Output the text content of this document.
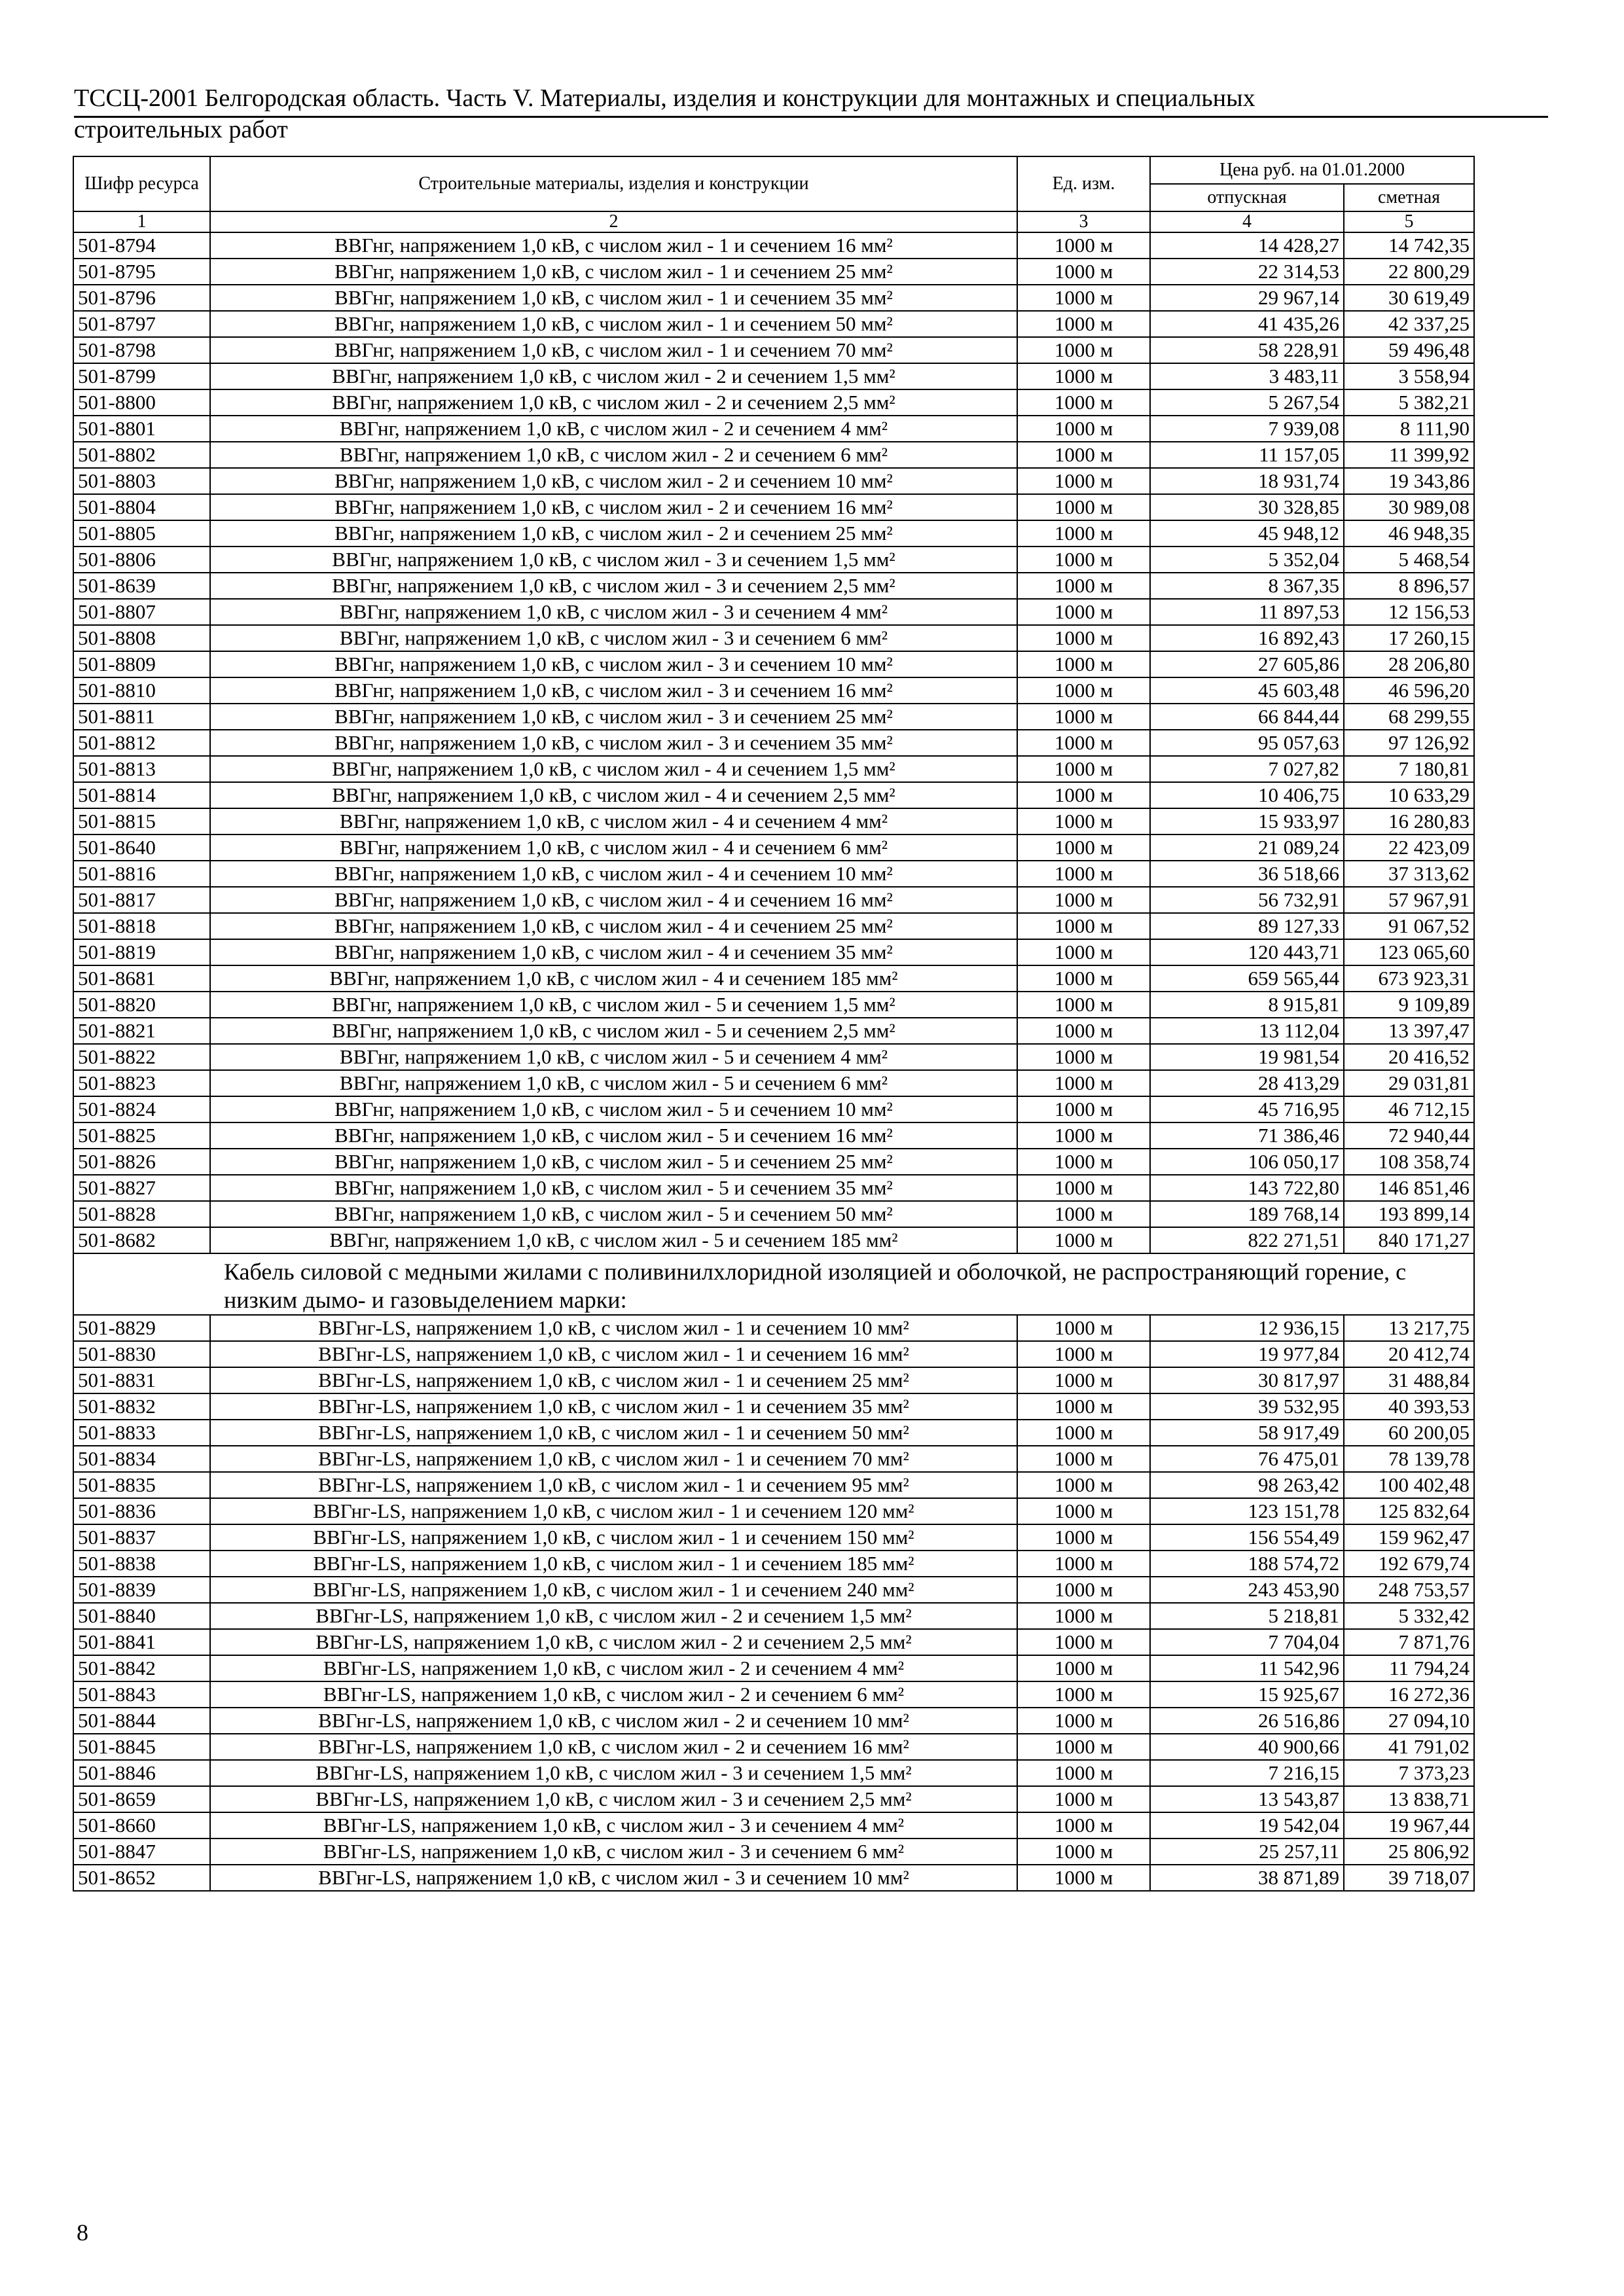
ТССЦ-2001 Белгородская область. Часть V. Материалы, изделия и конструкции для монтажных и специальных строительных работ
Шифр ресурса	Строительные материалы, изделия и конструкции	Ед. изм.	Цена руб. на 01.01.2000	
			отпускная	сметная
1	2	3	4	5
501-8794	ВВГнг, напряжением 1,0 кВ, с числом жил - 1 и сечением 16 мм²	1000 м	14 428,27	14 742,35
501-8795	ВВГнг, напряжением 1,0 кВ, с числом жил - 1 и сечением 25 мм²	1000 м	22 314,53	22 800,29
501-8796	ВВГнг, напряжением 1,0 кВ, с числом жил - 1 и сечением 35 мм²	1000 м	29 967,14	30 619,49
501-8797	ВВГнг, напряжением 1,0 кВ, с числом жил - 1 и сечением 50 мм²	1000 м	41 435,26	42 337,25
501-8798	ВВГнг, напряжением 1,0 кВ, с числом жил - 1 и сечением 70 мм²	1000 м	58 228,91	59 496,48
501-8799	ВВГнг, напряжением 1,0 кВ, с числом жил - 2 и сечением 1,5 мм²	1000 м	3 483,11	3 558,94
501-8800	ВВГнг, напряжением 1,0 кВ, с числом жил - 2 и сечением 2,5 мм²	1000 м	5 267,54	5 382,21
501-8801	ВВГнг, напряжением 1,0 кВ, с числом жил - 2 и сечением 4 мм²	1000 м	7 939,08	8 111,90
501-8802	ВВГнг, напряжением 1,0 кВ, с числом жил - 2 и сечением 6 мм²	1000 м	11 157,05	11 399,92
501-8803	ВВГнг, напряжением 1,0 кВ, с числом жил - 2 и сечением 10 мм²	1000 м	18 931,74	19 343,86
501-8804	ВВГнг, напряжением 1,0 кВ, с числом жил - 2 и сечением 16 мм²	1000 м	30 328,85	30 989,08
501-8805	ВВГнг, напряжением 1,0 кВ, с числом жил - 2 и сечением 25 мм²	1000 м	45 948,12	46 948,35
501-8806	ВВГнг, напряжением 1,0 кВ, с числом жил - 3 и сечением 1,5 мм²	1000 м	5 352,04	5 468,54
501-8639	ВВГнг, напряжением 1,0 кВ, с числом жил - 3 и сечением 2,5 мм²	1000 м	8 367,35	8 896,57
501-8807	ВВГнг, напряжением 1,0 кВ, с числом жил - 3 и сечением 4 мм²	1000 м	11 897,53	12 156,53
501-8808	ВВГнг, напряжением 1,0 кВ, с числом жил - 3 и сечением 6 мм²	1000 м	16 892,43	17 260,15
501-8809	ВВГнг, напряжением 1,0 кВ, с числом жил - 3 и сечением 10 мм²	1000 м	27 605,86	28 206,80
501-8810	ВВГнг, напряжением 1,0 кВ, с числом жил - 3 и сечением 16 мм²	1000 м	45 603,48	46 596,20
501-8811	ВВГнг, напряжением 1,0 кВ, с числом жил - 3 и сечением 25 мм²	1000 м	66 844,44	68 299,55
501-8812	ВВГнг, напряжением 1,0 кВ, с числом жил - 3 и сечением 35 мм²	1000 м	95 057,63	97 126,92
501-8813	ВВГнг, напряжением 1,0 кВ, с числом жил - 4 и сечением 1,5 мм²	1000 м	7 027,82	7 180,81
501-8814	ВВГнг, напряжением 1,0 кВ, с числом жил - 4 и сечением 2,5 мм²	1000 м	10 406,75	10 633,29
501-8815	ВВГнг, напряжением 1,0 кВ, с числом жил - 4 и сечением 4 мм²	1000 м	15 933,97	16 280,83
501-8640	ВВГнг, напряжением 1,0 кВ, с числом жил - 4 и сечением 6 мм²	1000 м	21 089,24	22 423,09
501-8816	ВВГнг, напряжением 1,0 кВ, с числом жил - 4 и сечением 10 мм²	1000 м	36 518,66	37 313,62
501-8817	ВВГнг, напряжением 1,0 кВ, с числом жил - 4 и сечением 16 мм²	1000 м	56 732,91	57 967,91
501-8818	ВВГнг, напряжением 1,0 кВ, с числом жил - 4 и сечением 25 мм²	1000 м	89 127,33	91 067,52
501-8819	ВВГнг, напряжением 1,0 кВ, с числом жил - 4 и сечением 35 мм²	1000 м	120 443,71	123 065,60
501-8681	ВВГнг, напряжением 1,0 кВ, с числом жил - 4 и сечением 185 мм²	1000 м	659 565,44	673 923,31
501-8820	ВВГнг, напряжением 1,0 кВ, с числом жил - 5 и сечением 1,5 мм²	1000 м	8 915,81	9 109,89
501-8821	ВВГнг, напряжением 1,0 кВ, с числом жил - 5 и сечением 2,5 мм²	1000 м	13 112,04	13 397,47
501-8822	ВВГнг, напряжением 1,0 кВ, с числом жил - 5 и сечением 4 мм²	1000 м	19 981,54	20 416,52
501-8823	ВВГнг, напряжением 1,0 кВ, с числом жил - 5 и сечением 6 мм²	1000 м	28 413,29	29 031,81
501-8824	ВВГнг, напряжением 1,0 кВ, с числом жил - 5 и сечением 10 мм²	1000 м	45 716,95	46 712,15
501-8825	ВВГнг, напряжением 1,0 кВ, с числом жил - 5 и сечением 16 мм²	1000 м	71 386,46	72 940,44
501-8826	ВВГнг, напряжением 1,0 кВ, с числом жил - 5 и сечением 25 мм²	1000 м	106 050,17	108 358,74
501-8827	ВВГнг, напряжением 1,0 кВ, с числом жил - 5 и сечением 35 мм²	1000 м	143 722,80	146 851,46
501-8828	ВВГнг, напряжением 1,0 кВ, с числом жил - 5 и сечением 50 мм²	1000 м	189 768,14	193 899,14
501-8682	ВВГнг, напряжением 1,0 кВ, с числом жил - 5 и сечением 185 мм²	1000 м	822 271,51	840 171,27
Кабель силовой с медными жилами с поливинилхлоридной изоляцией и оболочкой, не распространяющий горение, с низким дымо- и газовыделением марки:				
501-8829	ВВГнг-LS, напряжением 1,0 кВ, с числом жил - 1 и сечением 10 мм²	1000 м	12 936,15	13 217,75
501-8830	ВВГнг-LS, напряжением 1,0 кВ, с числом жил - 1 и сечением 16 мм²	1000 м	19 977,84	20 412,74
501-8831	ВВГнг-LS, напряжением 1,0 кВ, с числом жил - 1 и сечением 25 мм²	1000 м	30 817,97	31 488,84
501-8832	ВВГнг-LS, напряжением 1,0 кВ, с числом жил - 1 и сечением 35 мм²	1000 м	39 532,95	40 393,53
501-8833	ВВГнг-LS, напряжением 1,0 кВ, с числом жил - 1 и сечением 50 мм²	1000 м	58 917,49	60 200,05
501-8834	ВВГнг-LS, напряжением 1,0 кВ, с числом жил - 1 и сечением 70 мм²	1000 м	76 475,01	78 139,78
501-8835	ВВГнг-LS, напряжением 1,0 кВ, с числом жил - 1 и сечением 95 мм²	1000 м	98 263,42	100 402,48
501-8836	ВВГнг-LS, напряжением 1,0 кВ, с числом жил - 1 и сечением 120 мм²	1000 м	123 151,78	125 832,64
501-8837	ВВГнг-LS, напряжением 1,0 кВ, с числом жил - 1 и сечением 150 мм²	1000 м	156 554,49	159 962,47
501-8838	ВВГнг-LS, напряжением 1,0 кВ, с числом жил - 1 и сечением 185 мм²	1000 м	188 574,72	192 679,74
501-8839	ВВГнг-LS, напряжением 1,0 кВ, с числом жил - 1 и сечением 240 мм²	1000 м	243 453,90	248 753,57
501-8840	ВВГнг-LS, напряжением 1,0 кВ, с числом жил - 2 и сечением 1,5 мм²	1000 м	5 218,81	5 332,42
501-8841	ВВГнг-LS, напряжением 1,0 кВ, с числом жил - 2 и сечением 2,5 мм²	1000 м	7 704,04	7 871,76
501-8842	ВВГнг-LS, напряжением 1,0 кВ, с числом жил - 2 и сечением 4 мм²	1000 м	11 542,96	11 794,24
501-8843	ВВГнг-LS, напряжением 1,0 кВ, с числом жил - 2 и сечением 6 мм²	1000 м	15 925,67	16 272,36
501-8844	ВВГнг-LS, напряжением 1,0 кВ, с числом жил - 2 и сечением 10 мм²	1000 м	26 516,86	27 094,10
501-8845	ВВГнг-LS, напряжением 1,0 кВ, с числом жил - 2 и сечением 16 мм²	1000 м	40 900,66	41 791,02
501-8846	ВВГнг-LS, напряжением 1,0 кВ, с числом жил - 3 и сечением 1,5 мм²	1000 м	7 216,15	7 373,23
501-8659	ВВГнг-LS, напряжением 1,0 кВ, с числом жил - 3 и сечением 2,5 мм²	1000 м	13 543,87	13 838,71
501-8660	ВВГнг-LS, напряжением 1,0 кВ, с числом жил - 3 и сечением 4 мм²	1000 м	19 542,04	19 967,44
501-8847	ВВГнг-LS, напряжением 1,0 кВ, с числом жил - 3 и сечением 6 мм²	1000 м	25 257,11	25 806,92
501-8652	ВВГнг-LS, напряжением 1,0 кВ, с числом жил - 3 и сечением 10 мм²	1000 м	38 871,89	39 718,07
8
